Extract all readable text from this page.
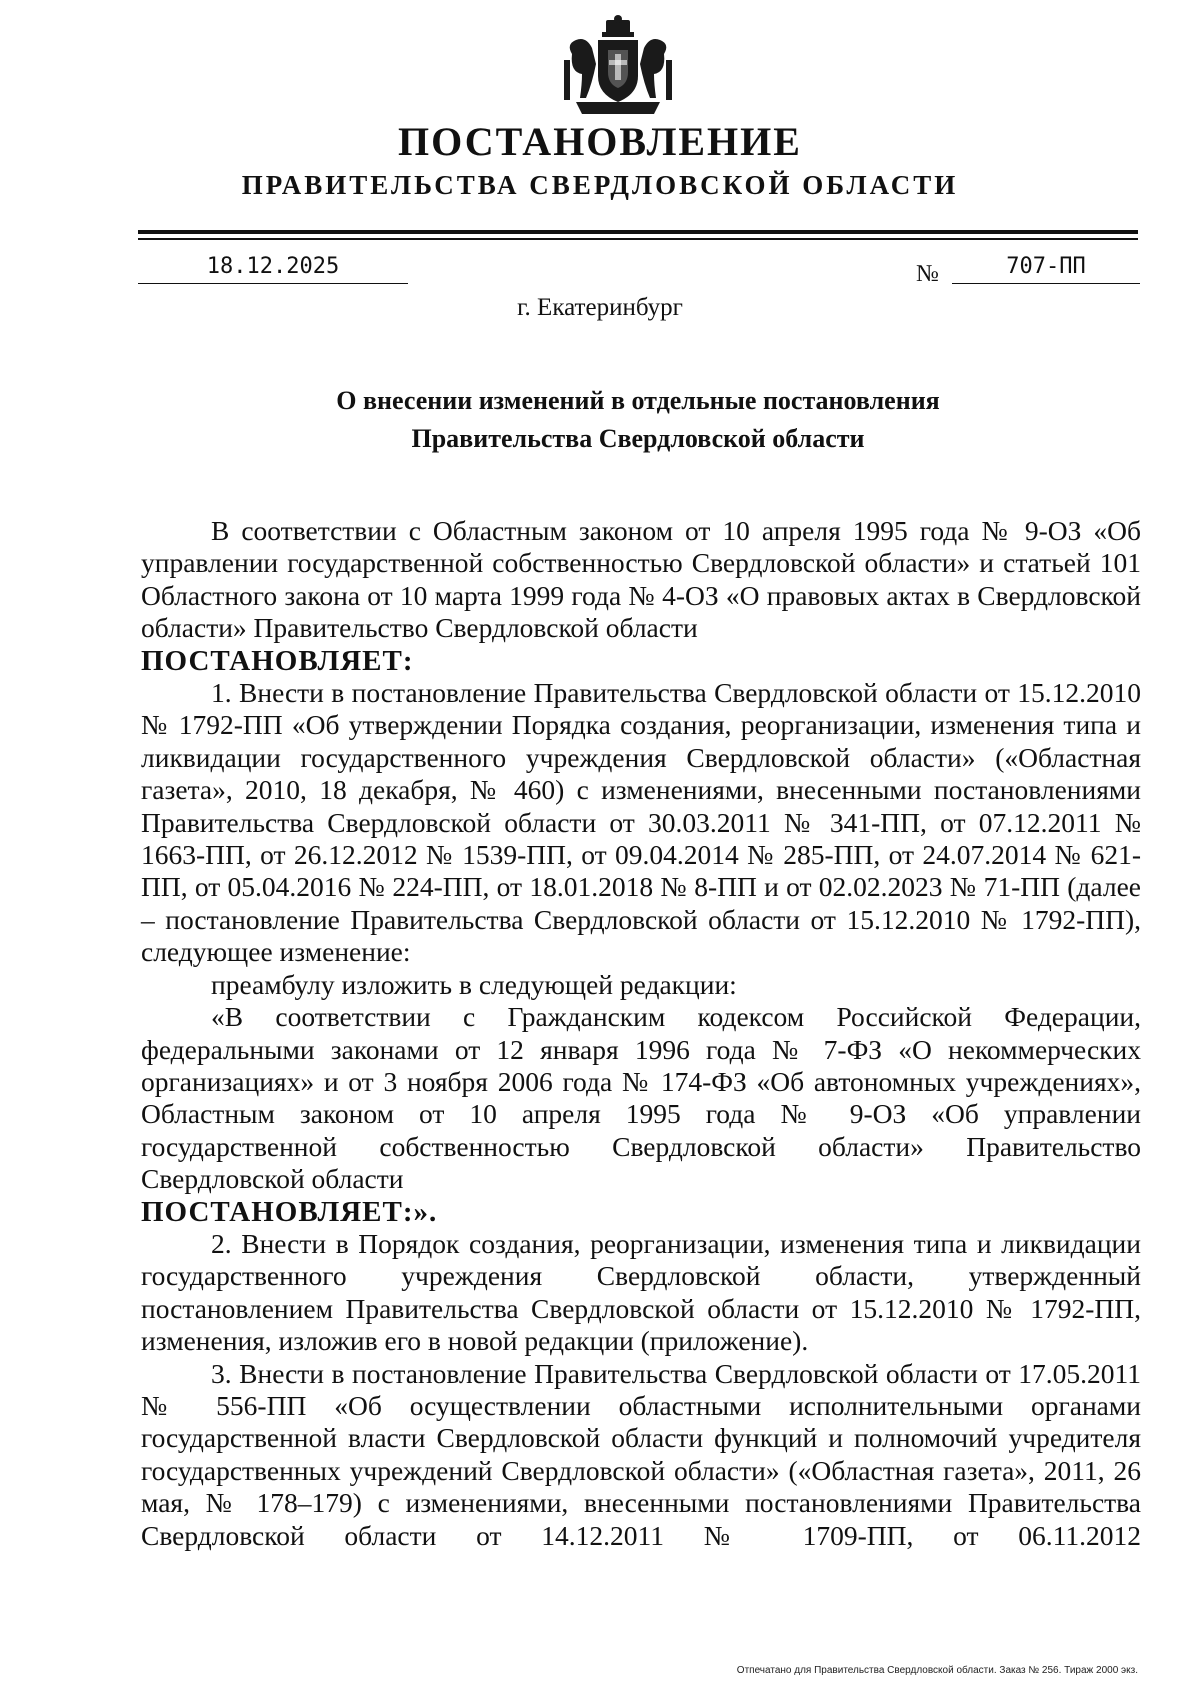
ПОСТАНОВЛЕНИЕ
ПРАВИТЕЛЬСТВА СВЕРДЛОВСКОЙ ОБЛАСТИ
18.12.2025	№	707-ПП
г. Екатеринбург
О внесении изменений в отдельные постановления
Правительства Свердловской области

В соответствии с Областным законом от 10 апреля 1995 года № 9-ОЗ «Об управлении государственной собственностью Свердловской области» и статьей 101 Областного закона от 10 марта 1999 года № 4-ОЗ «О правовых актах в Свердловской области» Правительство Свердловской области

ПОСТАНОВЛЯЕТ:

1. Внести в постановление Правительства Свердловской области от 15.12.2010 № 1792-ПП «Об утверждении Порядка создания, реорганизации, изменения типа и ликвидации государственного учреждения Свердловской области» («Областная газета», 2010, 18 декабря, № 460) с изменениями, внесенными постановлениями Правительства Свердловской области от 30.03.2011 № 341-ПП, от 07.12.2011 № 1663-ПП, от 26.12.2012 № 1539-ПП, от 09.04.2014 № 285-ПП, от 24.07.2014 № 621-ПП, от 05.04.2016 № 224-ПП, от 18.01.2018 № 8-ПП и от 02.02.2023 № 71-ПП (далее – постановление Правительства Свердловской области от 15.12.2010 № 1792-ПП), следующее изменение:

преамбулу изложить в следующей редакции:

«В соответствии с Гражданским кодексом Российской Федерации, федеральными законами от 12 января 1996 года № 7-ФЗ «О некоммерческих организациях» и от 3 ноября 2006 года № 174-ФЗ «Об автономных учреждениях», Областным законом от 10 апреля 1995 года № 9-ОЗ «Об управлении государственной собственностью Свердловской области» Правительство Свердловской области

ПОСТАНОВЛЯЕТ:».

2. Внести в Порядок создания, реорганизации, изменения типа и ликвидации государственного учреждения Свердловской области, утвержденный постановлением Правительства Свердловской области от 15.12.2010 № 1792-ПП, изменения, изложив его в новой редакции (приложение).

3. Внести в постановление Правительства Свердловской области от 17.05.2011 № 556-ПП «Об осуществлении областными исполнительными органами государственной власти Свердловской области функций и полномочий учредителя государственных учреждений Свердловской области» («Областная газета», 2011, 26 мая, № 178–179) с изменениями, внесенными постановлениями Правительства Свердловской области от 14.12.2011 № 1709-ПП, от 06.11.2012

Отпечатано для Правительства Свердловской области. Заказ № 256. Тираж 2000 экз.
